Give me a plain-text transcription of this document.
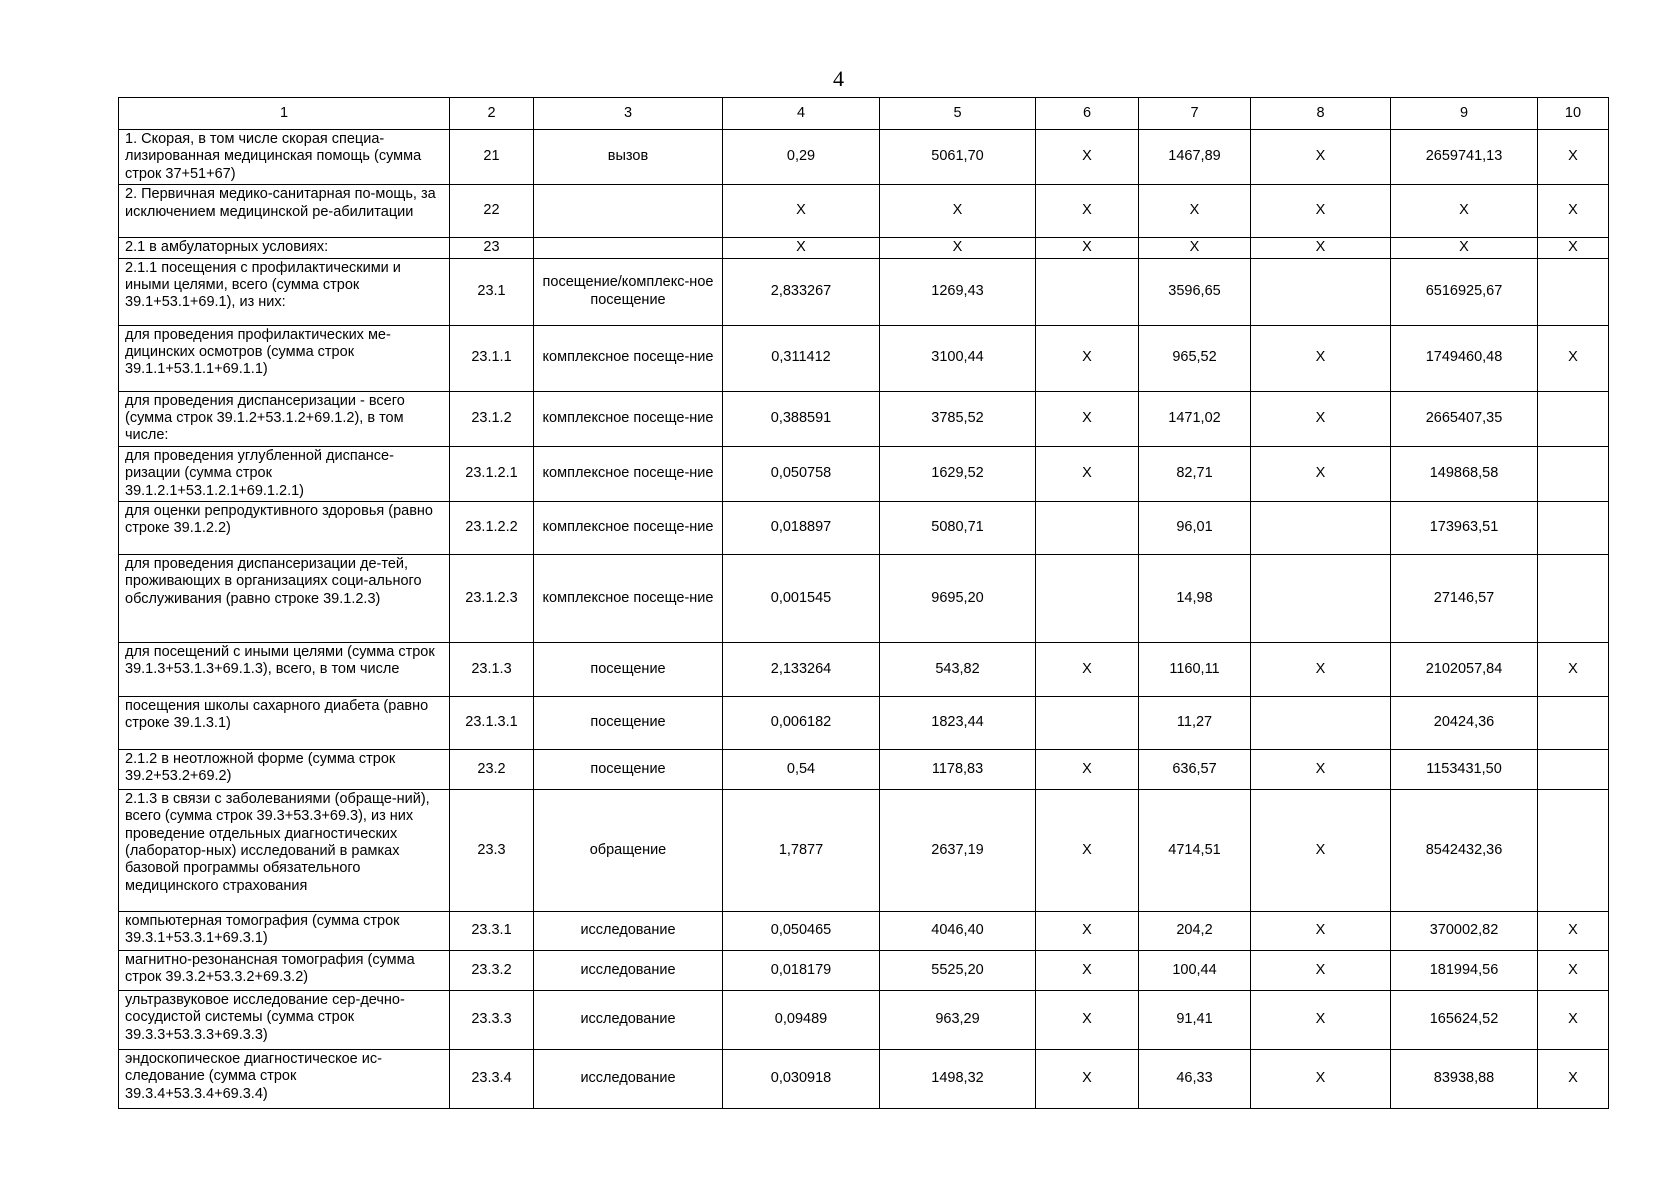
4
1	2	3	4	5	6	7	8	9	10
1. Скорая, в том числе скорая специа-лизированная медицинская помощь (сумма строк 37+51+67)	21	вызов	0,29	5061,70	X	1467,89	X	2659741,13	X
2. Первичная медико-санитарная по-мощь, за исключением медицинской ре-абилитации	22		X	X	X	X	X	X	X
2.1 в амбулаторных условиях:	23		X	X	X	X	X	X	X
2.1.1 посещения с профилактическими и иными целями, всего (сумма строк 39.1+53.1+69.1), из них:	23.1	посещение/комплекс-ное посещение	2,833267	1269,43		3596,65		6516925,67	
для проведения профилактических ме-дицинских осмотров (сумма строк 39.1.1+53.1.1+69.1.1)	23.1.1	комплексное посеще-ние	0,311412	3100,44	X	965,52	X	1749460,48	X
для проведения диспансеризации - всего (сумма строк 39.1.2+53.1.2+69.1.2), в том числе:	23.1.2	комплексное посеще-ние	0,388591	3785,52	X	1471,02	X	2665407,35	
для проведения углубленной диспансе-ризации (сумма строк 39.1.2.1+53.1.2.1+69.1.2.1)	23.1.2.1	комплексное посеще-ние	0,050758	1629,52	X	82,71	X	149868,58	
для оценки репродуктивного здоровья (равно строке 39.1.2.2)	23.1.2.2	комплексное посеще-ние	0,018897	5080,71		96,01		173963,51	
для проведения диспансеризации де-тей, проживающих в организациях соци-ального обслуживания (равно строке 39.1.2.3)	23.1.2.3	комплексное посеще-ние	0,001545	9695,20		14,98		27146,57	
для посещений с иными целями (сумма строк 39.1.3+53.1.3+69.1.3), всего, в том числе	23.1.3	посещение	2,133264	543,82	X	1160,11	X	2102057,84	X
посещения школы сахарного диабета (равно строке 39.1.3.1)	23.1.3.1	посещение	0,006182	1823,44		11,27		20424,36	
2.1.2 в неотложной форме (сумма строк 39.2+53.2+69.2)	23.2	посещение	0,54	1178,83	X	636,57	X	1153431,50	
2.1.3 в связи с заболеваниями (обраще-ний), всего (сумма строк 39.3+53.3+69.3), из них проведение отдельных диагностических (лаборатор-ных) исследований в рамках базовой программы обязательного медицинского страхования	23.3	обращение	1,7877	2637,19	X	4714,51	X	8542432,36	
компьютерная томография (сумма строк 39.3.1+53.3.1+69.3.1)	23.3.1	исследование	0,050465	4046,40	X	204,2	X	370002,82	X
магнитно-резонансная томография (сумма строк 39.3.2+53.3.2+69.3.2)	23.3.2	исследование	0,018179	5525,20	X	100,44	X	181994,56	X
ультразвуковое исследование сер-дечно-сосудистой системы (сумма строк 39.3.3+53.3.3+69.3.3)	23.3.3	исследование	0,09489	963,29	X	91,41	X	165624,52	X
эндоскопическое диагностическое ис-следование (сумма строк 39.3.4+53.3.4+69.3.4)	23.3.4	исследование	0,030918	1498,32	X	46,33	X	83938,88	X
